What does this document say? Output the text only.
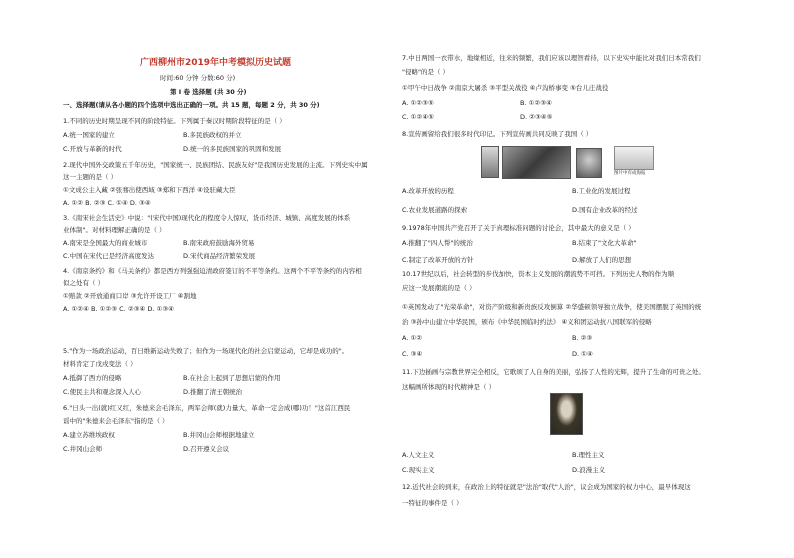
广西柳州市2019年中考模拟历史试题
时间:60 分钟 分数:60 分)
第 I 卷 选择题 (共 30 分)
一、选择题(请从各小题的四个选项中选出正确的一项。共 15 题，每题 2 分，共 30 分)
1.不同的历史时期呈现不同的阶段特征。下列属于秦汉时期阶段特征的是（ ）
A.统一国家的建立	B.多民族政权的并立
C.开放与革新的时代	D.统一的多民族国家的巩固和发展
2.现代中国外交政策五千年历史，"国家统一、民族团结、民族友好"是我国历史发展的主流。下列史实中属
这一主题的是（ ）
①文成公主入藏 ②张骞出使西域 ③郑和下西洋 ④设驻藏大臣
A. ①② B. ②③ C. ①④ D. ③④
3.《南宋社会生活史》中说："(宋代中国)现代化的程度令人惊叹，货币经济、城镇、高度发展的体系
业体制"。对材料理解正确的是（ ）
A.南宋是全国最大的商业城市	B.南宋政府鼓励海外贸易
C.中国在宋代已是经济高度发达	D.宋代商品经济繁荣发展
4.《南京条约》和《马关条约》都是西方列强强迫清政府签订的不平等条约。这两个不平等条约的内容相
似之处有（ ）
①赔款 ②开放通商口岸 ③允许开设工厂 ④割地
A. ①②④ B. ①②③ C. ②③④ D. ①③④
5."作为一场政治运动，百日维新运动失败了；但作为一场现代化的社会启蒙运动，它却是成功的"。
材料肯定了戊戌变法（ ）
A.抵御了西方的侵略	B.在社会上起到了思想启蒙的作用
C.使民主共和观念深入人心	D.推翻了清王朝统治
6."日头一出(就)红又红，朱德来会毛泽东，两军会师(就)力量大，革命一定会成(哪)功！"这首江西民
谣中的"朱德来会毛泽东"指的是（ ）
A.建立苏维埃政权	B.井冈山会师根据地建立
C.井冈山会师	D.召开遵义会议
7.中日两国一衣带水，地缘相近，往来的频繁，我们应该以理智看待，以下史实中能比对我们日本常我们
"侵略"的是（ ）
①甲午中日战争 ②南京大屠杀 ③平型关战役 ④卢沟桥事变 ⑤台儿庄战役
A. ①②③⑤	B. ①②③④
C. ①②④⑤	D. ②③④⑤
8.宣传画留给我们很多时代印记。下列宣传画共同反映了我国（ ）
图片中有成海报
A.改革开放的历程	B.工业化的发展过程
C.农业发展道路的探索	D.国有企业改革的经过
9.1978年中国共产党召开了关于真理标准问题的讨论会，其中最大的意义是（ ）
A.推翻了"四人帮"的统治	B.结束了"文化大革命"
C.制定了改革开放的方针	D.解放了人们的思想
10.17世纪以后，社会转型的步伐加快，资本主义发展的潮流势不可挡。下列历史人物的作为顺
应这一发展潮流的是（ ）
①英国发动了"光荣革命"，对资产阶级和新贵族反攻倒算 ②华盛顿领导独立战争，使美国摆脱了英国的统
治 ③孙中山建立中华民国，颁布《中华民国临时约法》 ④义和团运动抗八国联军的侵略
A. ①②	B. ②③
C. ③④	D. ①④
11.下边插画与宗教世界完全相反，它歌颂了人自身的美丽，弘扬了人性的光辉，提升了生命的可贵之处。
这幅画所体现的时代精神是（ ）
A.人文主义	B.理性主义
C.现实主义	D.浪漫主义
12.近代社会的到来，在政治上的特征就是"法治"取代"人治"，议会成为国家的权力中心，最早体现这
一特征的事件是（ ）
